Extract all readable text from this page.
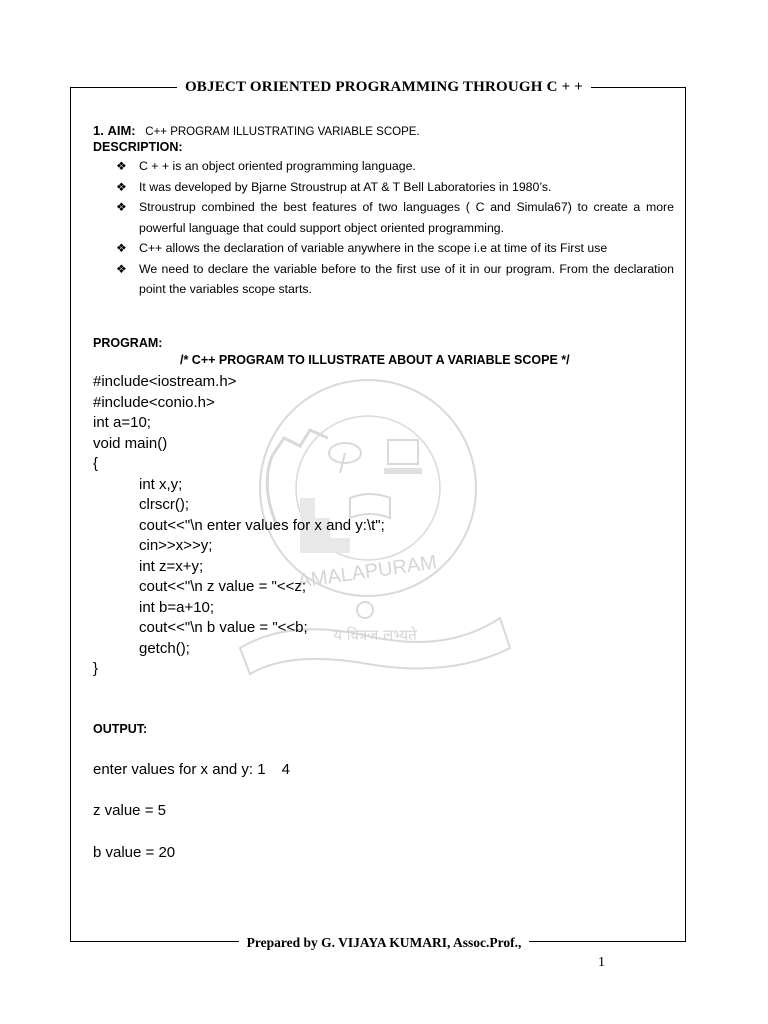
OBJECT ORIENTED PROGRAMMING THROUGH C + +
AMALAPURAM
य वित्रज लभ्यते
1. AIM: C++ PROGRAM ILLUSTRATING VARIABLE SCOPE.
DESCRIPTION:
❖ C + + is an object oriented programming language.
❖ It was developed by Bjarne Stroustrup at AT & T Bell Laboratories in 1980’s.
❖ Stroustrup combined the best features of two languages ( C and Simula67) to create a more powerful language that could support object oriented programming.
❖ C++ allows the declaration of variable anywhere in the scope i.e at time of its First use
❖ We need to declare the variable before to the first use of it in our program. From the declaration point the variables scope starts.
PROGRAM:
/* C++ PROGRAM TO ILLUSTRATE ABOUT A VARIABLE SCOPE */
#include<iostream.h>
#include<conio.h>
int a=10;
void main()
{
int x,y;
clrscr();
cout<<"\n enter values for x and y:\t";
cin>>x>>y;
int z=x+y;
cout<<"\n z value = "<<z;
int b=a+10;
cout<<"\n b value = "<<b;
getch();
}
OUTPUT:
enter values for x and y: 1 4
z value = 5
b value = 20
Prepared by G. VIJAYA KUMARI, Assoc.Prof.,
1
